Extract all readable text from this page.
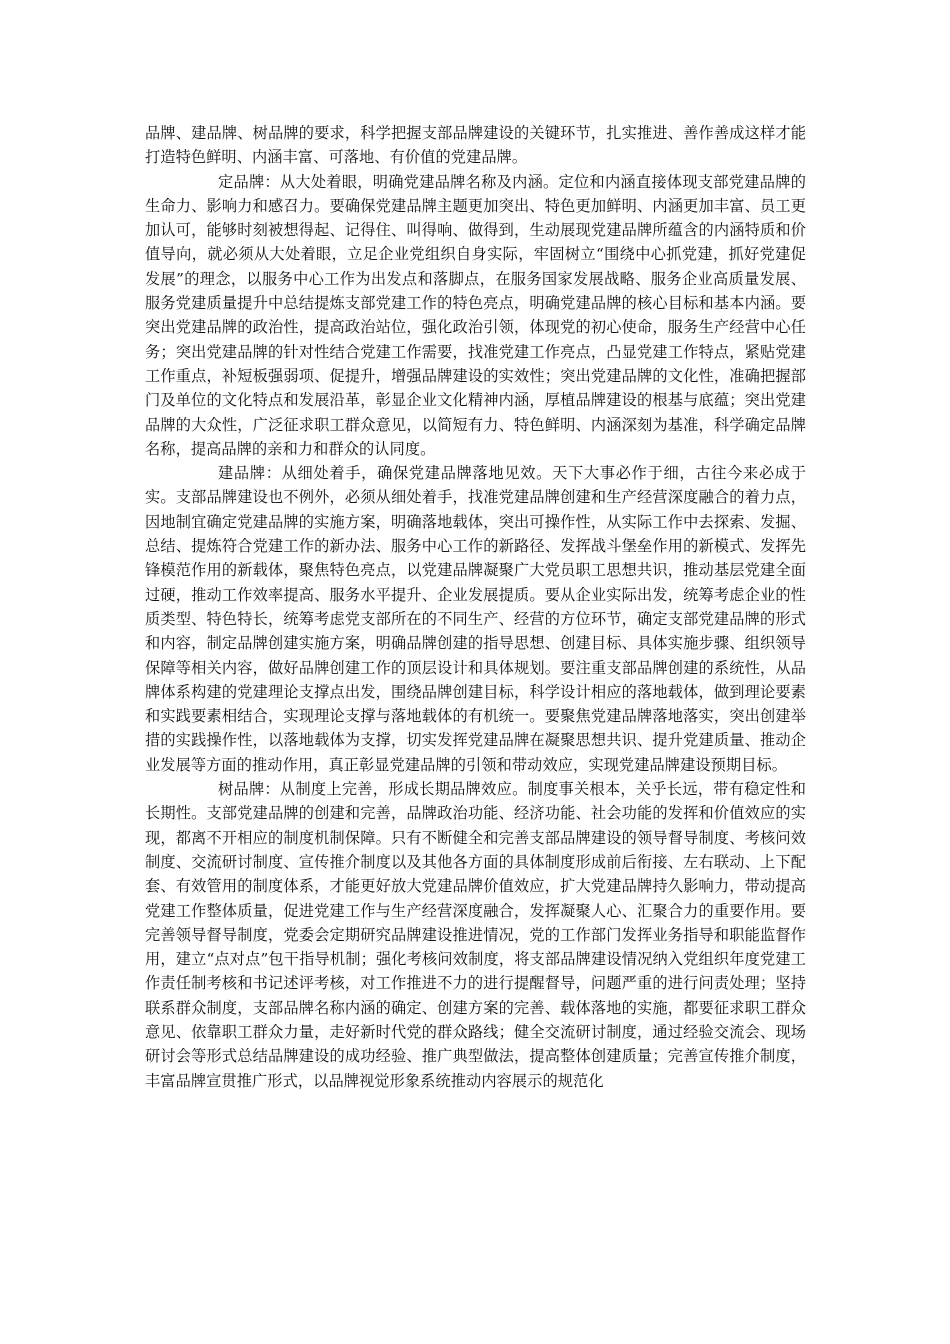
品牌、建品牌、树品牌的要求，科学把握支部品牌建设的关键环节，扎实推进、善作善成这样才能打造特色鲜明、内涵丰富、可落地、有价值的党建品牌。

定品牌：从大处着眼，明确党建品牌名称及内涵。定位和内涵直接体现支部党建品牌的生命力、影响力和感召力。要确保党建品牌主题更加突出、特色更加鲜明、内涵更加丰富、员工更加认可，能够时刻被想得起、记得住、叫得响、做得到，生动展现党建品牌所蕴含的内涵特质和价值导向，就必须从大处着眼，立足企业党组织自身实际，牢固树立“围绕中心抓党建，抓好党建促发展”的理念，以服务中心工作为出发点和落脚点，在服务国家发展战略、服务企业高质量发展、服务党建质量提升中总结提炼支部党建工作的特色亮点，明确党建品牌的核心目标和基本内涵。要突出党建品牌的政治性，提高政治站位，强化政治引领，体现党的初心使命，服务生产经营中心任务；突出党建品牌的针对性结合党建工作需要，找准党建工作亮点，凸显党建工作特点，紧贴党建工作重点，补短板强弱项、促提升，增强品牌建设的实效性；突出党建品牌的文化性，准确把握部门及单位的文化特点和发展沿革，彰显企业文化精神内涵，厚植品牌建设的根基与底蕴；突出党建品牌的大众性，广泛征求职工群众意见，以简短有力、特色鲜明、内涵深刻为基准，科学确定品牌名称，提高品牌的亲和力和群众的认同度。

建品牌：从细处着手，确保党建品牌落地见效。天下大事必作于细，古往今来必成于实。支部品牌建设也不例外，必须从细处着手，找准党建品牌创建和生产经营深度融合的着力点，因地制宜确定党建品牌的实施方案，明确落地载体，突出可操作性，从实际工作中去探索、发掘、总结、提炼符合党建工作的新办法、服务中心工作的新路径、发挥战斗堡垒作用的新模式、发挥先锋模范作用的新载体，聚焦特色亮点，以党建品牌凝聚广大党员职工思想共识，推动基层党建全面过硬，推动工作效率提高、服务水平提升、企业发展提质。要从企业实际出发，统筹考虑企业的性质类型、特色特长，统筹考虑党支部所在的不同生产、经营的方位环节，确定支部党建品牌的形式和内容，制定品牌创建实施方案，明确品牌创建的指导思想、创建目标、具体实施步骤、组织领导保障等相关内容，做好品牌创建工作的顶层设计和具体规划。要注重支部品牌创建的系统性，从品牌体系构建的党建理论支撑点出发，围绕品牌创建目标，科学设计相应的落地载体，做到理论要素和实践要素相结合，实现理论支撑与落地载体的有机统一。要聚焦党建品牌落地落实，突出创建举措的实践操作性，以落地载体为支撑，切实发挥党建品牌在凝聚思想共识、提升党建质量、推动企业发展等方面的推动作用，真正彰显党建品牌的引领和带动效应，实现党建品牌建设预期目标。

树品牌：从制度上完善，形成长期品牌效应。制度事关根本，关乎长远，带有稳定性和长期性。支部党建品牌的创建和完善，品牌政治功能、经济功能、社会功能的发挥和价值效应的实现，都离不开相应的制度机制保障。只有不断健全和完善支部品牌建设的领导督导制度、考核问效制度、交流研讨制度、宣传推介制度以及其他各方面的具体制度形成前后衔接、左右联动、上下配套、有效管用的制度体系，才能更好放大党建品牌价值效应，扩大党建品牌持久影响力，带动提高党建工作整体质量，促进党建工作与生产经营深度融合，发挥凝聚人心、汇聚合力的重要作用。要完善领导督导制度，党委会定期研究品牌建设推进情况，党的工作部门发挥业务指导和职能监督作用，建立“点对点”包干指导机制；强化考核问效制度，将支部品牌建设情况纳入党组织年度党建工作责任制考核和书记述评考核，对工作推进不力的进行提醒督导，问题严重的进行问责处理；坚持联系群众制度，支部品牌名称内涵的确定、创建方案的完善、载体落地的实施，都要征求职工群众意见、依靠职工群众力量，走好新时代党的群众路线；健全交流研讨制度，通过经验交流会、现场研讨会等形式总结品牌建设的成功经验、推广典型做法，提高整体创建质量；完善宣传推介制度，丰富品牌宣贯推广形式，以品牌视觉形象系统推动内容展示的规范化
